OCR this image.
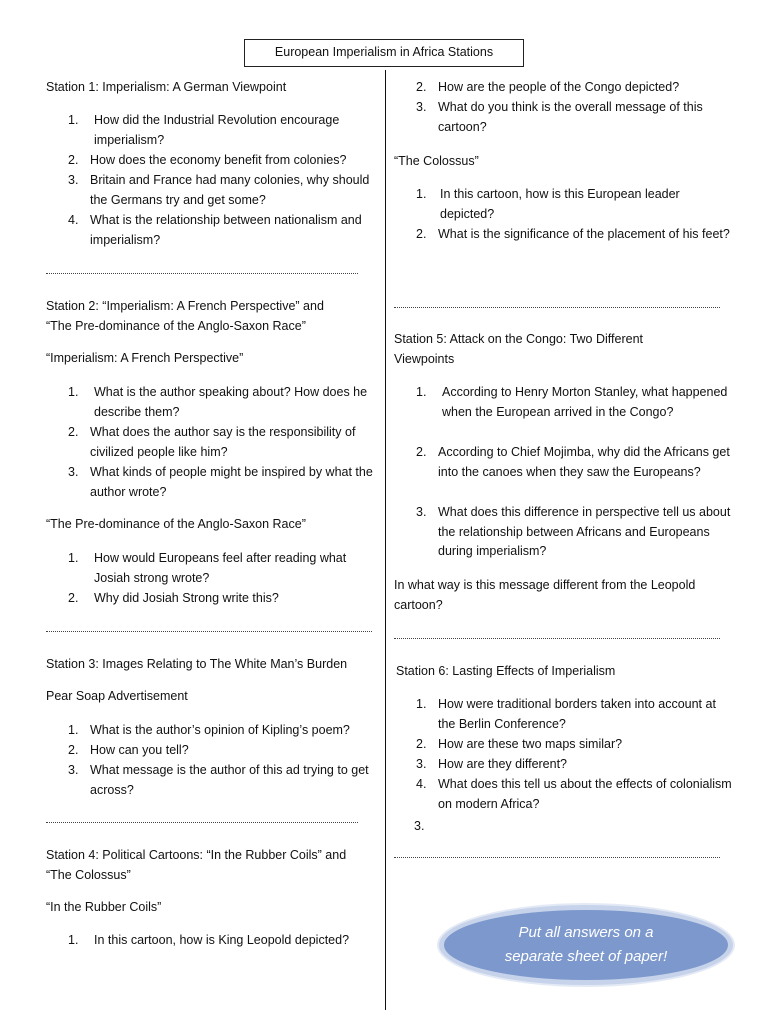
European Imperialism in Africa Stations
Station 1: Imperialism: A German Viewpoint
1.	How did the Industrial Revolution encourage imperialism?
2. How does the economy benefit from colonies?
3. Britain and France had many colonies, why should the Germans try and get some?
4. What is the relationship between nationalism and imperialism?
Station 2: “Imperialism: A French Perspective” and
“The Pre-dominance of the Anglo-Saxon Race”
“Imperialism: A French Perspective”
1.	What is the author speaking about? How does he describe them?
2. What does the author say is the responsibility of civilized people like him?
3. What kinds of people might be inspired by what the author wrote?
“The Pre-dominance of the Anglo-Saxon Race”
1.	How would Europeans feel after reading what Josiah strong wrote?
2.	Why did Josiah Strong write this?
Station 3: Images Relating to The White Man’s Burden
Pear Soap Advertisement
1. What is the author’s opinion of Kipling’s poem?
2. How can you tell?
3. What message is the author of this ad trying to get across?
Station 4: Political Cartoons: “In the Rubber Coils” and
“The Colossus”
“In the Rubber Coils”
1.	In this cartoon, how is King Leopold depicted?
2. How are the people of the Congo depicted?
3. What do you think is the overall message of this cartoon?
“The Colossus”
1.	In this cartoon, how is this European leader depicted?
2. What is the significance of the placement of his feet?
Station 5: Attack on the Congo: Two Different
Viewpoints
1.	According to Henry Morton Stanley, what happened when the European arrived in the Congo?
2. According to Chief Mojimba, why did the Africans get into the canoes when they saw the Europeans?
3. What does this difference in perspective tell us about the relationship between Africans and Europeans during imperialism?
In what way is this message different from the Leopold cartoon?
Station 6: Lasting Effects of Imperialism
1. How were traditional borders taken into account at the Berlin Conference?
2. How are these two maps similar?
3. How are they different?
4. What does this tell us about the effects of colonialism on modern Africa?
3.
Put all answers on a
separate sheet of paper!
